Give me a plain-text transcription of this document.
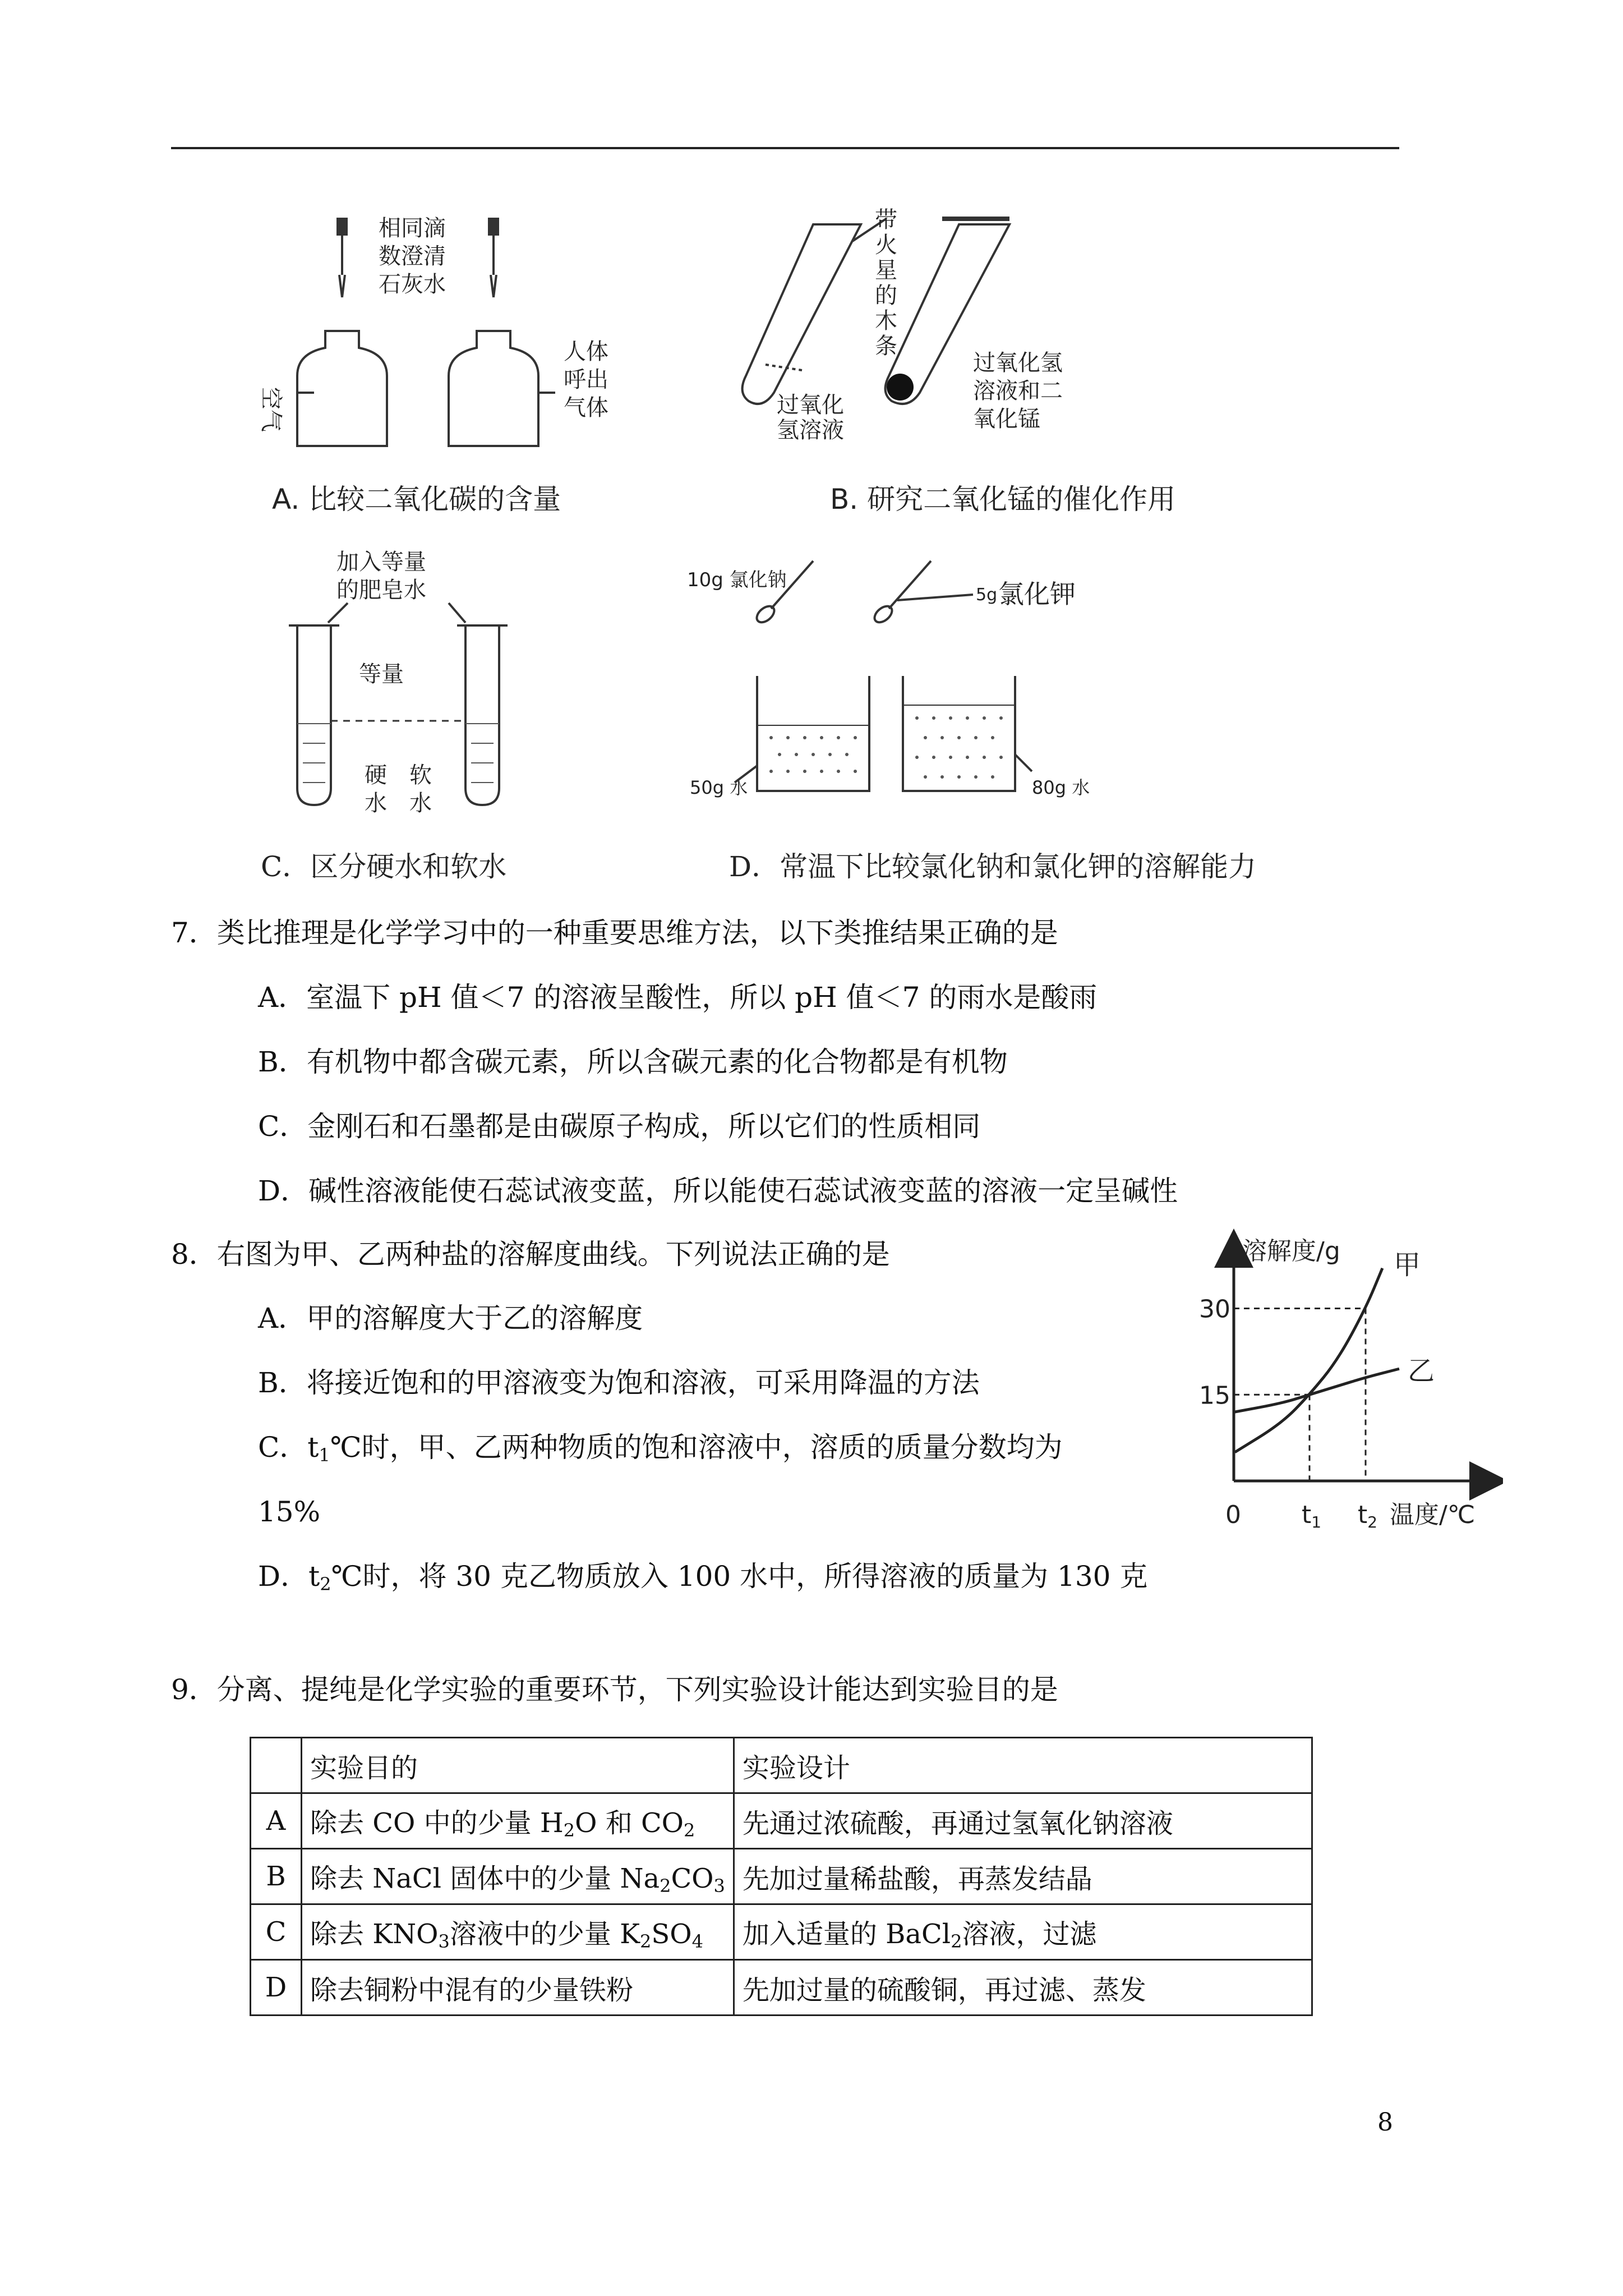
相同滴
数澄清
石灰水
空气
人体
呼出
气体
A. 比较二氧化碳的含量
带
火
星
的
木
条
过氧化
氢溶液
过氧化氢
溶液和二
氧化锰
B. 研究二氧化锰的催化作用
加入等量
的肥皂水
等量
硬
水
软
水
C．区分硬水和软水
10g 氯化钠
5g 氯化钾
50g 水	80g 水
D．常温下比较氯化钠和氯化钾的溶解能力
7．类比推理是化学学习中的一种重要思维方法，以下类推结果正确的是
A．室温下 pH 值＜7 的溶液呈酸性，所以 pH 值＜7 的雨水是酸雨
B．有机物中都含碳元素，所以含碳元素的化合物都是有机物
C．金刚石和石墨都是由碳原子构成，所以它们的性质相同
D．碱性溶液能使石蕊试液变蓝，所以能使石蕊试液变蓝的溶液一定呈碱性
8．右图为甲、乙两种盐的溶解度曲线。下列说法正确的是
A．甲的溶解度大于乙的溶解度
B．将接近饱和的甲溶液变为饱和溶液，可采用降温的方法
C．$t_1℃$时，甲、乙两种物质的饱和溶液中，溶质的质量分数均为
15%
D．$t_2℃$时，将 30 克乙物质放入 100 水中，所得溶液的质量为 130 克
溶解度/g
温度/℃
15
30
0 t1 t2
甲
乙
9．分离、提纯是化学实验的重要环节，下列实验设计能达到实验目的是
	实验目的	实验设计
A	除去 CO 中的少量 $H_2O$ 和 $CO_2$	先通过浓硫酸，再通过氢氧化钠溶液
B	除去 NaCl 固体中的少量 $Na_2CO_3$	先加过量稀盐酸，再蒸发结晶
C	除去 $KNO_3$溶液中的少量 $K_2SO_4$	加入适量的 BaCl$_2$溶液，过滤
D	除去铜粉中混有的少量铁粉	先加过量的硫酸铜，再过滤、蒸发
8
